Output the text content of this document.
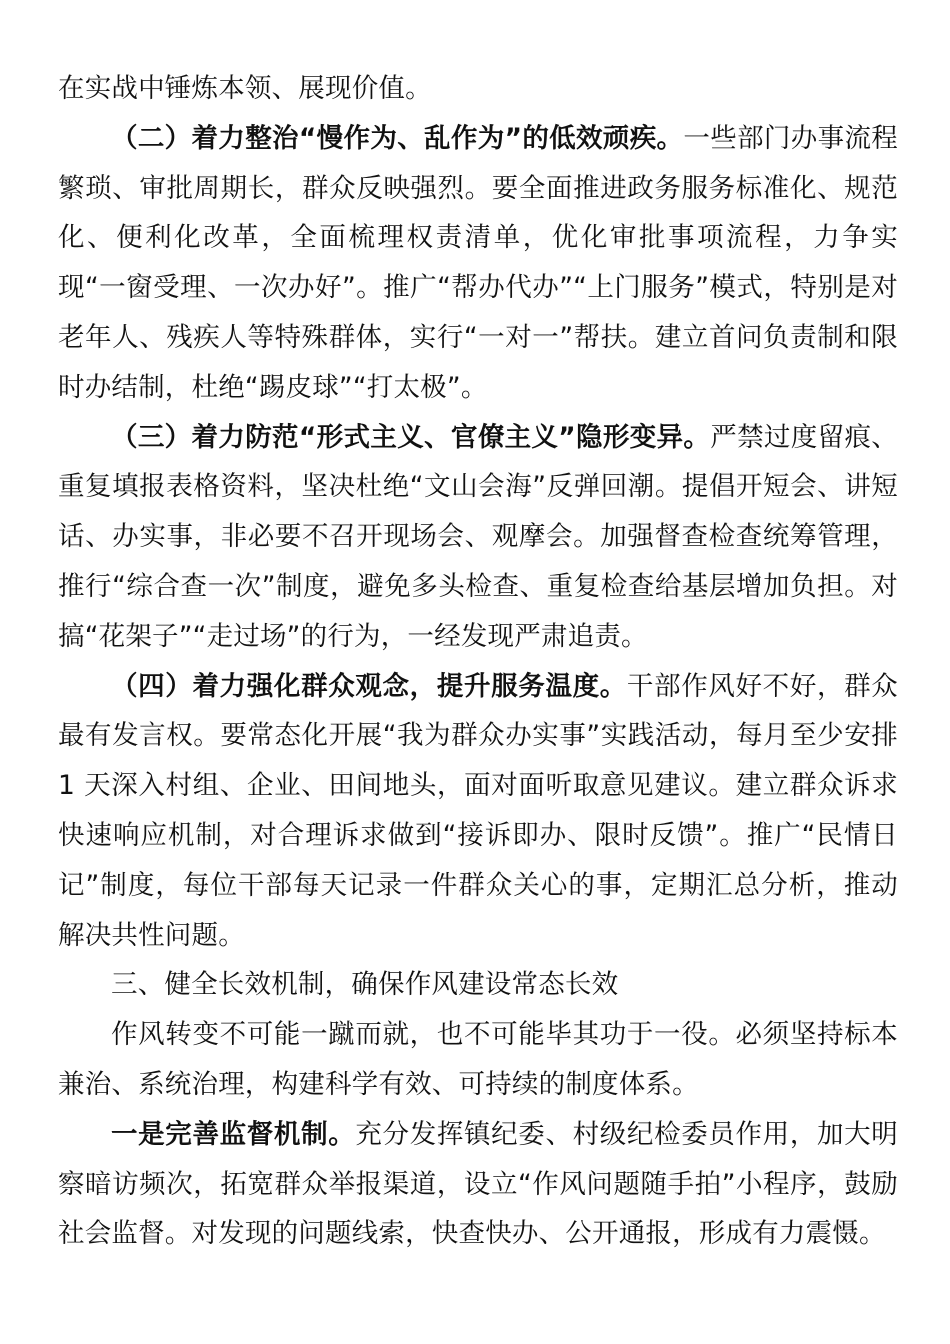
在实战中锤炼本领、展现价值。

（二）着力整治“慢作为、乱作为”的低效顽疾。一些部门办事流程繁琐、审批周期长，群众反映强烈。要全面推进政务服务标准化、规范化、便利化改革，全面梳理权责清单，优化审批事项流程，力争实现“一窗受理、一次办好”。推广“帮办代办”“上门服务”模式，特别是对老年人、残疾人等特殊群体，实行“一对一”帮扶。建立首问负责制和限时办结制，杜绝“踢皮球”“打太极”。

（三）着力防范“形式主义、官僚主义”隐形变异。严禁过度留痕、重复填报表格资料，坚决杜绝“文山会海”反弹回潮。提倡开短会、讲短话、办实事，非必要不召开现场会、观摩会。加强督查检查统筹管理，推行“综合查一次”制度，避免多头检查、重复检查给基层增加负担。对搞“花架子”“走过场”的行为，一经发现严肃追责。

（四）着力强化群众观念，提升服务温度。干部作风好不好，群众最有发言权。要常态化开展“我为群众办实事”实践活动，每月至少安排 1 天深入村组、企业、田间地头，面对面听取意见建议。建立群众诉求快速响应机制，对合理诉求做到“接诉即办、限时反馈”。推广“民情日记”制度，每位干部每天记录一件群众关心的事，定期汇总分析，推动解决共性问题。

三、健全长效机制，确保作风建设常态长效

作风转变不可能一蹴而就，也不可能毕其功于一役。必须坚持标本兼治、系统治理，构建科学有效、可持续的制度体系。

一是完善监督机制。充分发挥镇纪委、村级纪检委员作用，加大明察暗访频次，拓宽群众举报渠道，设立“作风问题随手拍”小程序，鼓励社会监督。对发现的问题线索，快查快办、公开通报，形成有力震慑。
